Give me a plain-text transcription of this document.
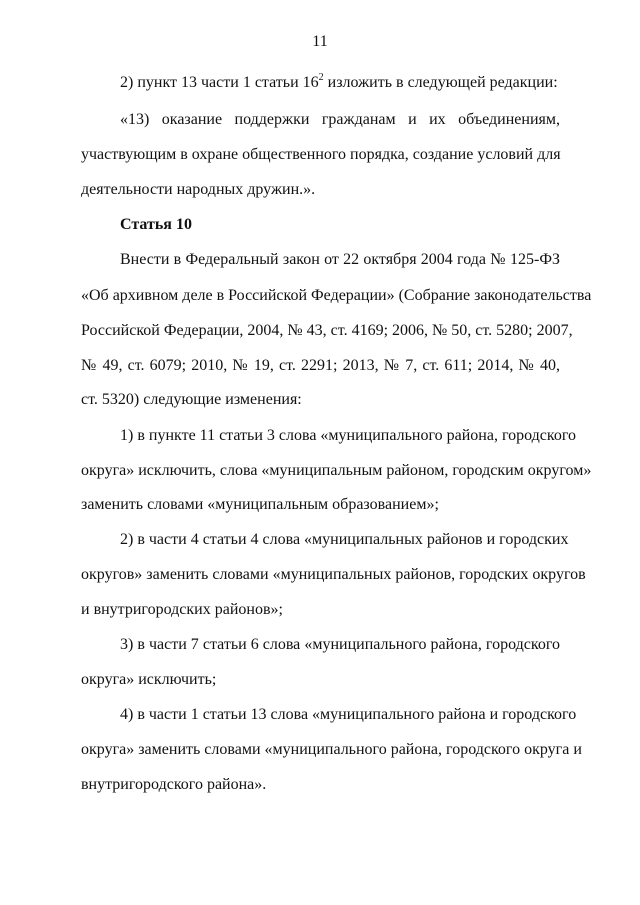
11
2) пункт 13 части 1 статьи $16^2$ изложить в следующей редакции:
«13) оказание поддержки гражданам и их объединениям,
участвующим в охране общественного порядка, создание условий для
деятельности народных дружин.».
Статья 10
Внести в Федеральный закон от 22 октября 2004 года № 125-ФЗ
«Об архивном деле в Российской Федерации» (Собрание законодательства
Российской Федерации, 2004, № 43, ст. 4169; 2006, № 50, ст. 5280; 2007,
№ 49, ст. 6079; 2010, № 19, ст. 2291; 2013, № 7, ст. 611; 2014, № 40,
ст. 5320) следующие изменения:
1) в пункте 11 статьи 3 слова «муниципального района, городского
округа» исключить, слова «муниципальным районом, городским округом»
заменить словами «муниципальным образованием»;
2) в части 4 статьи 4 слова «муниципальных районов и городских
округов» заменить словами «муниципальных районов, городских округов
и внутригородских районов»;
3) в части 7 статьи 6 слова «муниципального района, городского
округа» исключить;
4) в части 1 статьи 13 слова «муниципального района и городского
округа» заменить словами «муниципального района, городского округа и
внутригородского района».
